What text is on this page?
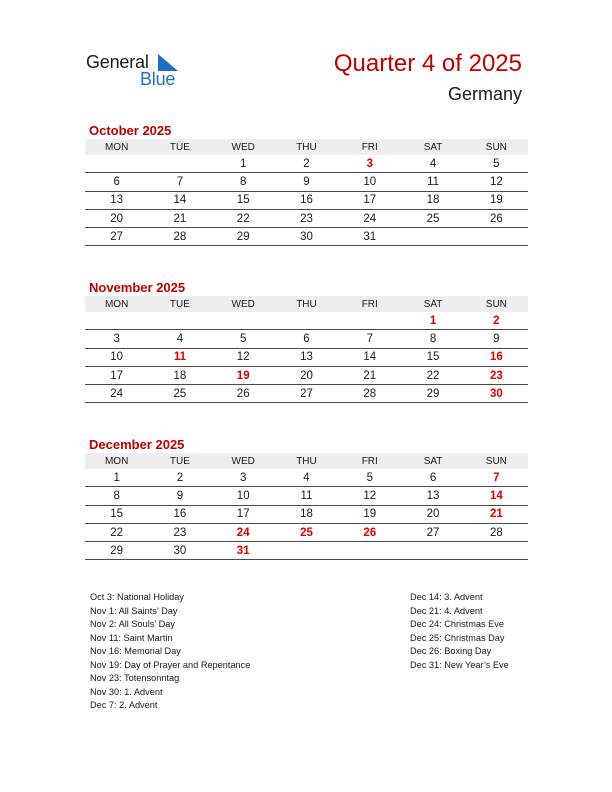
General
Blue
Quarter 4 of 2025
Germany
October 2025
MON	TUE	WED	THU	FRI	SAT	SUN
		1	2	3	4	5
6	7	8	9	10	11	12
13	14	15	16	17	18	19
20	21	22	23	24	25	26
27	28	29	30	31		
November 2025
MON	TUE	WED	THU	FRI	SAT	SUN
					1	2
3	4	5	6	7	8	9
10	11	12	13	14	15	16
17	18	19	20	21	22	23
24	25	26	27	28	29	30
December 2025
MON	TUE	WED	THU	FRI	SAT	SUN
1	2	3	4	5	6	7
8	9	10	11	12	13	14
15	16	17	18	19	20	21
22	23	24	25	26	27	28
29	30	31				
Oct 3: National Holiday
Nov 1: All Saints’ Day
Nov 2: All Souls’ Day
Nov 11: Saint Martin
Nov 16: Memorial Day
Nov 19: Day of Prayer and Repentance
Nov 23: Totensonntag
Nov 30: 1. Advent
Dec 7: 2. Advent
Dec 14: 3. Advent
Dec 21: 4. Advent
Dec 24: Christmas Eve
Dec 25: Christmas Day
Dec 26: Boxing Day
Dec 31: New Year’s Eve
